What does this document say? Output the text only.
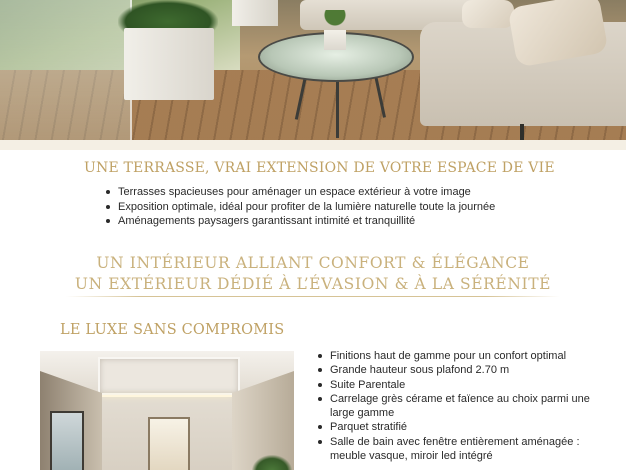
UNE TERRASSE, VRAI EXTENSION DE VOTRE ESPACE DE VIE
Terrasses spacieuses pour aménager un espace extérieur à votre image
Exposition optimale, idéal pour profiter de la lumière naturelle toute la journée
Aménagements paysagers garantissant intimité et tranquillité
UN INTÉRIEUR ALLIANT CONFORT & ÉLÉGANCE
UN EXTÉRIEUR DÉDIÉ À L’ÉVASION & À LA SÉRÉNITÉ
LE LUXE SANS COMPROMIS
Finitions haut de gamme pour un confort optimal
Grande hauteur sous plafond 2.70 m
Suite Parentale
Carrelage grès cérame et faïence au choix parmi une large gamme
Parquet stratifié
Salle de bain avec fenêtre entièrement aménagée : meuble vasque, miroir led intégré
